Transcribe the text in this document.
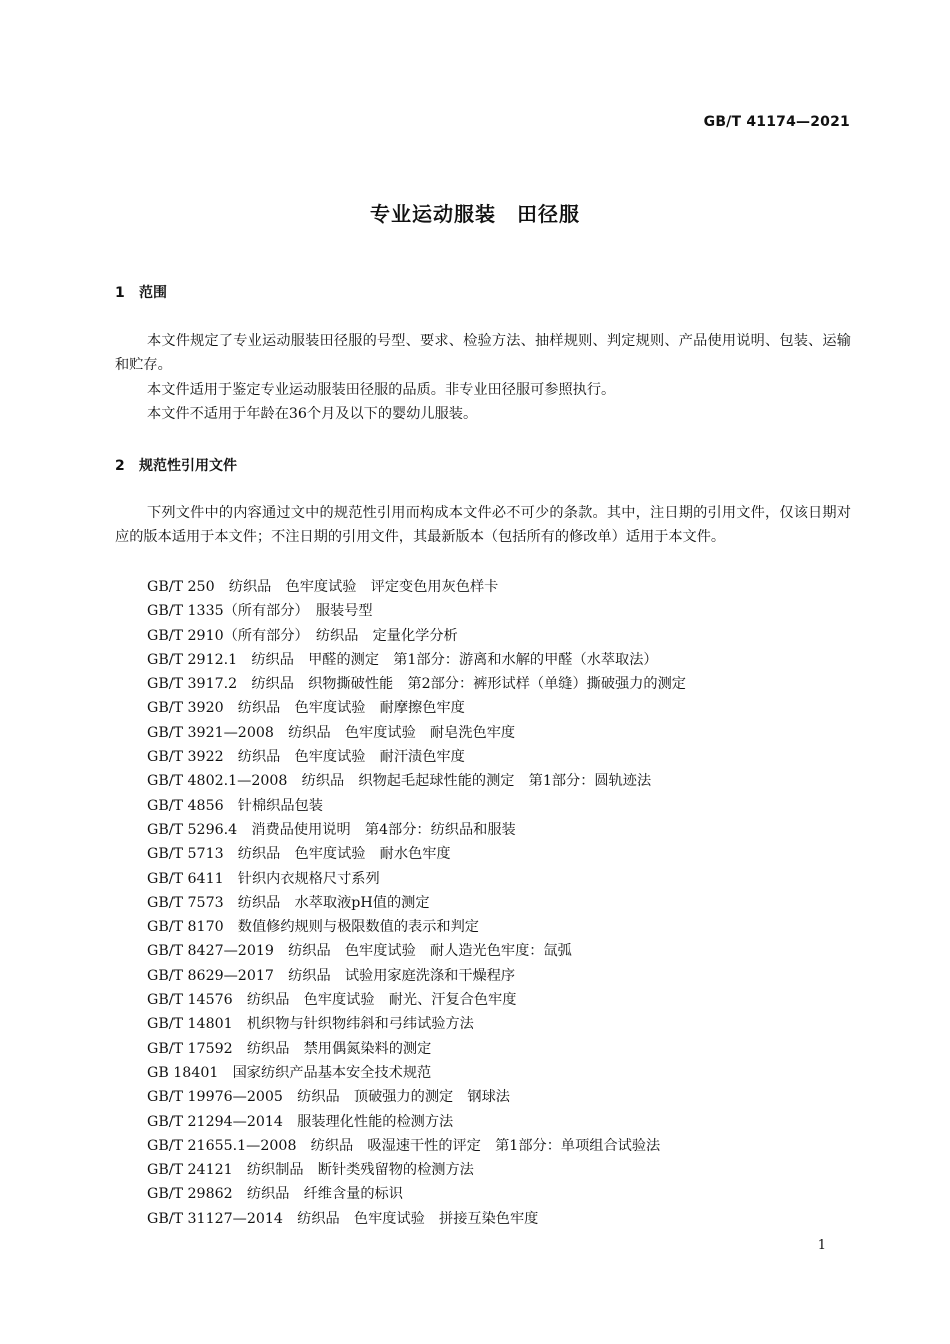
GB/T 41174—2021
专业运动服装　田径服
1 范围

本文件规定了专业运动服装田径服的号型、要求、检验方法、抽样规则、判定规则、产品使用说明、包装、运输和贮存。

本文件适用于鉴定专业运动服装田径服的品质。非专业田径服可参照执行。

本文件不适用于年龄在36个月及以下的婴幼儿服装。

2 规范性引用文件

下列文件中的内容通过文中的规范性引用而构成本文件必不可少的条款。其中，注日期的引用文件，仅该日期对应的版本适用于本文件；不注日期的引用文件，其最新版本（包括所有的修改单）适用于本文件。

GB/T 250　纺织品　色牢度试验　评定变色用灰色样卡
GB/T 1335（所有部分）　服装号型
GB/T 2910（所有部分）　纺织品　定量化学分析
GB/T 2912.1　纺织品　甲醛的测定　第1部分：游离和水解的甲醛（水萃取法）
GB/T 3917.2　纺织品　织物撕破性能　第2部分：裤形试样（单缝）撕破强力的测定
GB/T 3920　纺织品　色牢度试验　耐摩擦色牢度
GB/T 3921—2008　纺织品　色牢度试验　耐皂洗色牢度
GB/T 3922　纺织品　色牢度试验　耐汗渍色牢度
GB/T 4802.1—2008　纺织品　织物起毛起球性能的测定　第1部分：圆轨迹法
GB/T 4856　针棉织品包装
GB/T 5296.4　消费品使用说明　第4部分：纺织品和服装
GB/T 5713　纺织品　色牢度试验　耐水色牢度
GB/T 6411　针织内衣规格尺寸系列
GB/T 7573　纺织品　水萃取液pH值的测定
GB/T 8170　数值修约规则与极限数值的表示和判定
GB/T 8427—2019　纺织品　色牢度试验　耐人造光色牢度：氙弧
GB/T 8629—2017　纺织品　试验用家庭洗涤和干燥程序
GB/T 14576　纺织品　色牢度试验　耐光、汗复合色牢度
GB/T 14801　机织物与针织物纬斜和弓纬试验方法
GB/T 17592　纺织品　禁用偶氮染料的测定
GB 18401　国家纺织产品基本安全技术规范
GB/T 19976—2005　纺织品　顶破强力的测定　钢球法
GB/T 21294—2014　服装理化性能的检测方法
GB/T 21655.1—2008　纺织品　吸湿速干性的评定　第1部分：单项组合试验法
GB/T 24121　纺织制品　断针类残留物的检测方法
GB/T 29862　纺织品　纤维含量的标识
GB/T 31127—2014　纺织品　色牢度试验　拼接互染色牢度
1
